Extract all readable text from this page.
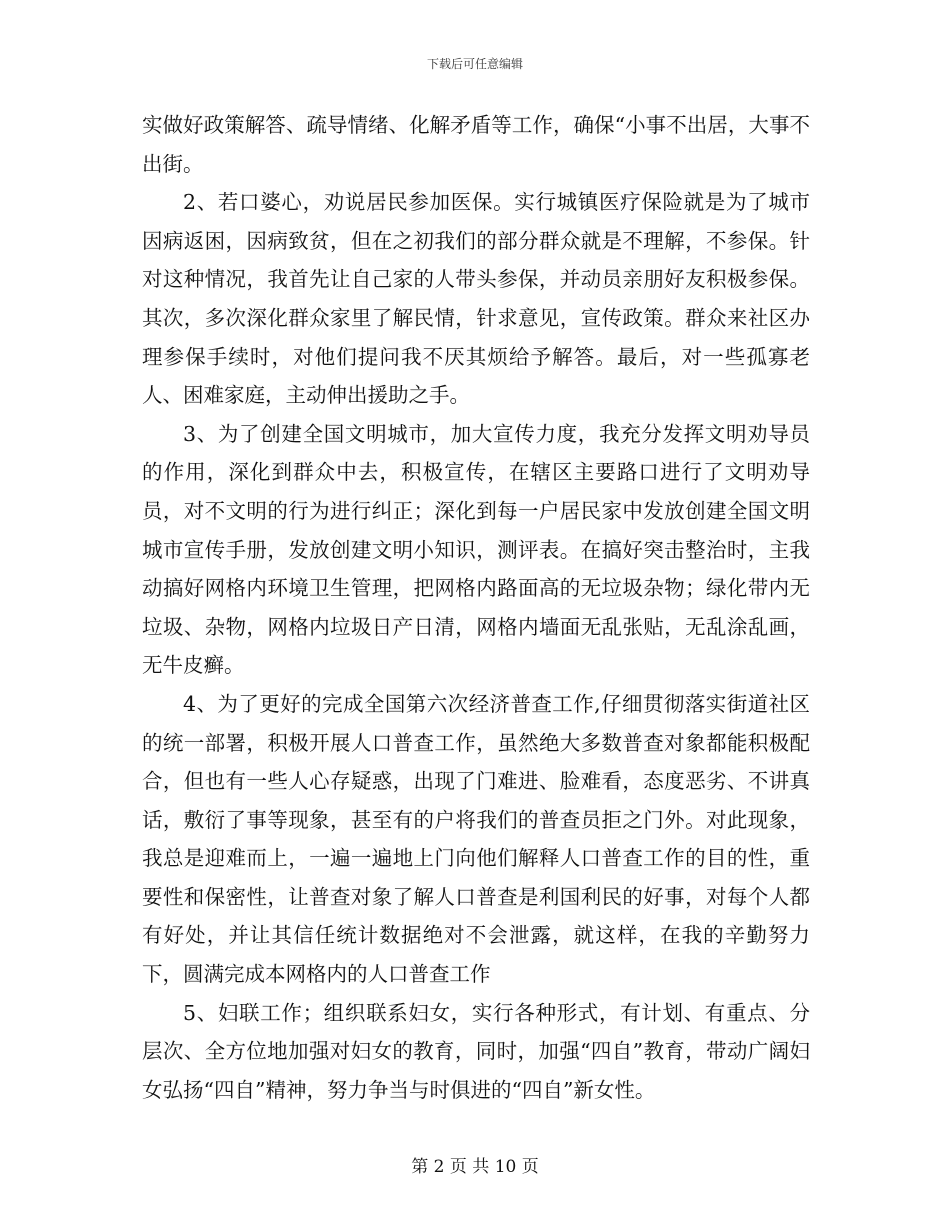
下载后可任意编辑

实做好政策解答、疏导情绪、化解矛盾等工作，确保“小事不出居，大事不出街。

2、若口婆心，劝说居民参加医保。实行城镇医疗保险就是为了城市因病返困，因病致贫，但在之初我们的部分群众就是不理解，不参保。针对这种情况，我首先让自己家的人带头参保，并动员亲朋好友积极参保。其次，多次深化群众家里了解民情，针求意见，宣传政策。群众来社区办理参保手续时，对他们提问我不厌其烦给予解答。最后，对一些孤寡老人、困难家庭，主动伸出援助之手。

3、为了创建全国文明城市，加大宣传力度，我充分发挥文明劝导员的作用，深化到群众中去，积极宣传，在辖区主要路口进行了文明劝导员，对不文明的行为进行纠正；深化到每一户居民家中发放创建全国文明城市宣传手册，发放创建文明小知识，测评表。在搞好突击整治时，主我动搞好网格内环境卫生管理，把网格内路面高的无垃圾杂物；绿化带内无垃圾、杂物，网格内垃圾日产日清，网格内墙面无乱张贴，无乱涂乱画，无牛皮癣。

4、为了更好的完成全国第六次经济普查工作,仔细贯彻落实街道社区的统一部署，积极开展人口普查工作，虽然绝大多数普查对象都能积极配合，但也有一些人心存疑惑，出现了门难进、脸难看，态度恶劣、不讲真话，敷衍了事等现象，甚至有的户将我们的普查员拒之门外。对此现象，我总是迎难而上，一遍一遍地上门向他们解释人口普查工作的目的性，重要性和保密性，让普查对象了解人口普查是利国利民的好事，对每个人都有好处，并让其信任统计数据绝对不会泄露，就这样，在我的辛勤努力下，圆满完成本网格内的人口普查工作

5、妇联工作；组织联系妇女，实行各种形式，有计划、有重点、分层次、全方位地加强对妇女的教育，同时，加强“四自”教育，带动广阔妇女弘扬“四自”精神，努力争当与时俱进的“四自”新女性。

第 2 页 共 10 页
